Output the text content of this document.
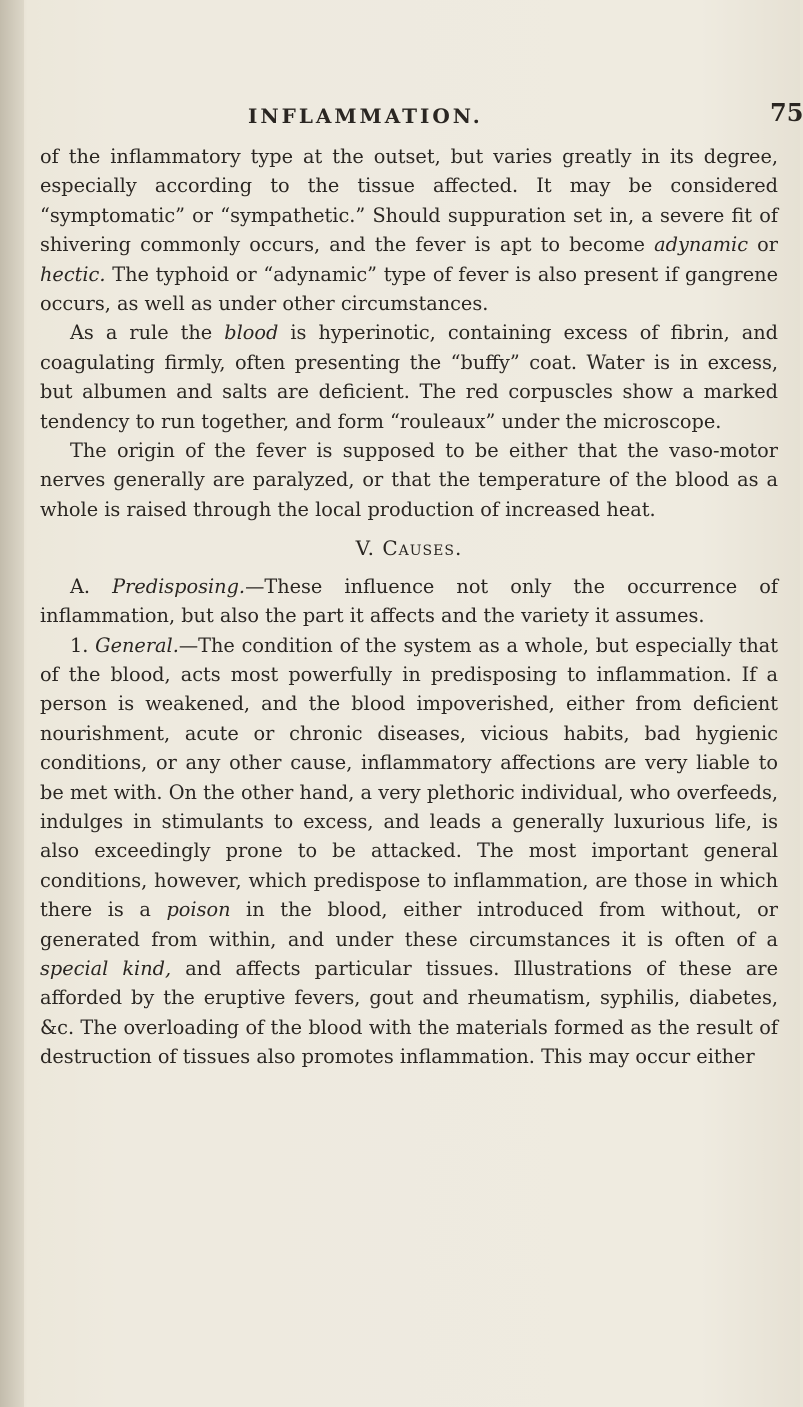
INFLAMMATION.	75

of the inflammatory type at the outset, but varies greatly in its degree, especially according to the tissue affected. It may be considered “symptomatic” or “sympathetic.” Should suppuration set in, a severe fit of shivering commonly occurs, and the fever is apt to become adynamic or hectic. The typhoid or “adynamic” type of fever is also present if gangrene occurs, as well as under other circumstances.

As a rule the blood is hyperinotic, containing excess of fibrin, and coagulating firmly, often presenting the “buffy” coat. Water is in excess, but albumen and salts are deficient. The red corpuscles show a marked tendency to run together, and form “rouleaux” under the microscope.

The origin of the fever is supposed to be either that the vaso-motor nerves generally are paralyzed, or that the temperature of the blood as a whole is raised through the local production of increased heat.

V. Causes.

A. Predisposing.—These influence not only the occurrence of inflammation, but also the part it affects and the variety it assumes.

1. General.—The condition of the system as a whole, but especially that of the blood, acts most powerfully in predisposing to inflammation. If a person is weakened, and the blood impoverished, either from deficient nourishment, acute or chronic diseases, vicious habits, bad hygienic conditions, or any other cause, inflammatory affections are very liable to be met with. On the other hand, a very plethoric individual, who overfeeds, indulges in stimulants to excess, and leads a generally luxurious life, is also exceedingly prone to be attacked. The most important general conditions, however, which predispose to inflammation, are those in which there is a poison in the blood, either introduced from without, or generated from within, and under these circumstances it is often of a special kind, and affects particular tissues. Illustrations of these are afforded by the eruptive fevers, gout and rheumatism, syphilis, diabetes, &c. The overloading of the blood with the materials formed as the result of destruction of tissues also promotes inflammation. This may occur either
